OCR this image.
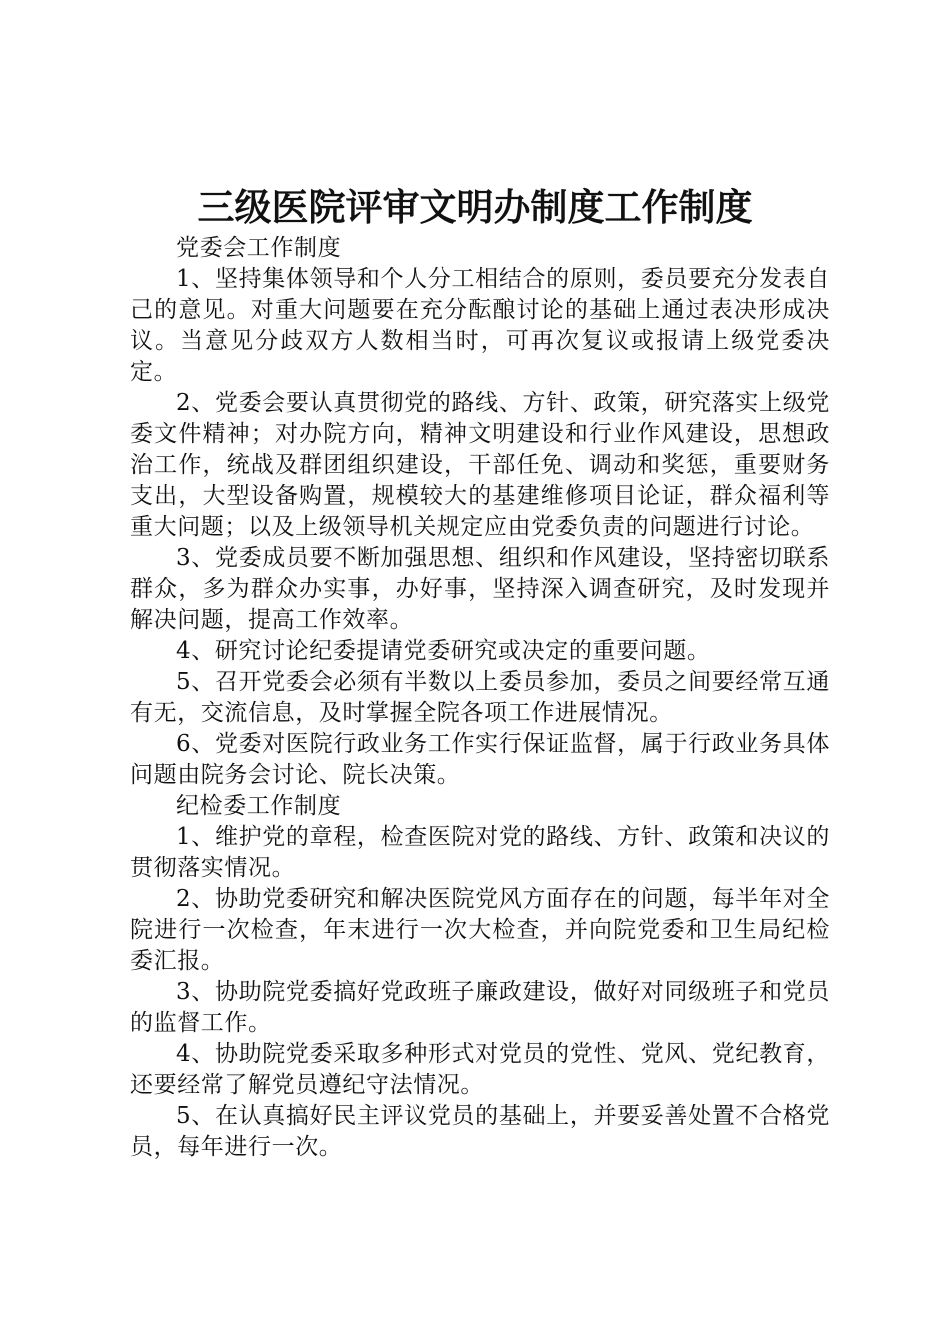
三级医院评审文明办制度工作制度

党委会工作制度

1、坚持集体领导和个人分工相结合的原则，委员要充分发表自己的意见。对重大问题要在充分酝酿讨论的基础上通过表决形成决议。当意见分歧双方人数相当时，可再次复议或报请上级党委决定。

2、党委会要认真贯彻党的路线、方针、政策，研究落实上级党委文件精神；对办院方向，精神文明建设和行业作风建设，思想政治工作，统战及群团组织建设，干部任免、调动和奖惩，重要财务支出，大型设备购置，规模较大的基建维修项目论证，群众福利等重大问题；以及上级领导机关规定应由党委负责的问题进行讨论。

3、党委成员要不断加强思想、组织和作风建设，坚持密切联系群众，多为群众办实事，办好事，坚持深入调查研究，及时发现并解决问题，提高工作效率。

4、研究讨论纪委提请党委研究或决定的重要问题。

5、召开党委会必须有半数以上委员参加，委员之间要经常互通有无，交流信息，及时掌握全院各项工作进展情况。

6、党委对医院行政业务工作实行保证监督，属于行政业务具体问题由院务会讨论、院长决策。

纪检委工作制度

1、维护党的章程，检查医院对党的路线、方针、政策和决议的贯彻落实情况。

2、协助党委研究和解决医院党风方面存在的问题，每半年对全院进行一次检查，年末进行一次大检查，并向院党委和卫生局纪检委汇报。

3、协助院党委搞好党政班子廉政建设，做好对同级班子和党员的监督工作。

4、协助院党委采取多种形式对党员的党性、党风、党纪教育，还要经常了解党员遵纪守法情况。

5、在认真搞好民主评议党员的基础上，并要妥善处置不合格党员，每年进行一次。
